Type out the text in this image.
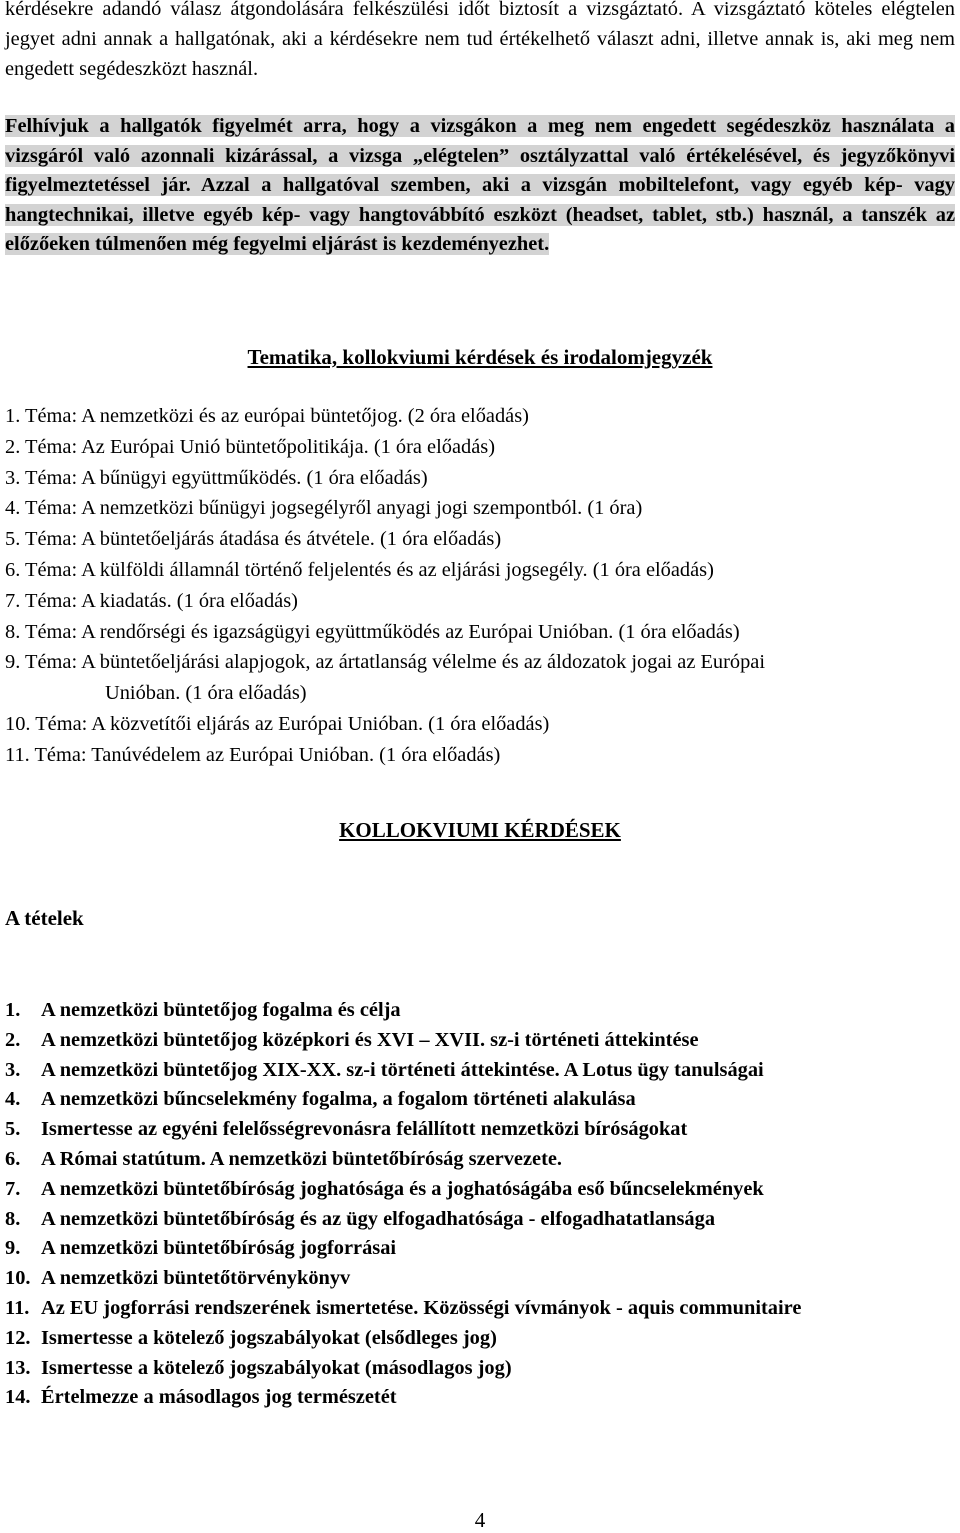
kérdésekre adandó válasz átgondolására felkészülési időt biztosít a vizsgáztató. A vizsgáztató köteles elégtelen jegyet adni annak a hallgatónak, aki a kérdésekre nem tud értékelhető választ adni, illetve annak is, aki meg nem engedett segédeszközt használ.

Felhívjuk a hallgatók figyelmét arra, hogy a vizsgákon a meg nem engedett segédeszköz használata a vizsgáról való azonnali kizárással, a vizsga „elégtelen” osztályzattal való értékelésével, és jegyzőkönyvi figyelmeztetéssel jár. Azzal a hallgatóval szemben, aki a vizsgán mobiltelefont, vagy egyéb kép- vagy hangtechnikai, illetve egyéb kép- vagy hangtovábbító eszközt (headset, tablet, stb.) használ, a tanszék az előzőeken túlmenően még fegyelmi eljárást is kezdeményezhet.

Tematika, kollokviumi kérdések és irodalomjegyzék

1. Téma: A nemzetközi és az európai büntetőjog. (2 óra előadás)
2. Téma: Az Európai Unió büntetőpolitikája. (1 óra előadás)
3. Téma: A bűnügyi együttműködés. (1 óra előadás)
4. Téma: A nemzetközi bűnügyi jogsegélyről anyagi jogi szempontból. (1 óra)
5. Téma: A büntetőeljárás átadása és átvétele. (1 óra előadás)
6. Téma: A külföldi államnál történő feljelentés és az eljárási jogsegély. (1 óra előadás)
7. Téma: A kiadatás. (1 óra előadás)
8. Téma: A rendőrségi és igazságügyi együttműködés az Európai Unióban. (1 óra előadás)
9. Téma: A büntetőeljárási alapjogok, az ártatlanság vélelme és az áldozatok jogai az Európai
Unióban. (1 óra előadás)
10. Téma: A közvetítői eljárás az Európai Unióban. (1 óra előadás)
11. Téma: Tanúvédelem az Európai Unióban. (1 óra előadás)

KOLLOKVIUMI KÉRDÉSEK

A tételek

1.	A nemzetközi büntetőjog fogalma és célja
2.	A nemzetközi büntetőjog középkori és XVI – XVII. sz-i történeti áttekintése
3.	A nemzetközi büntetőjog XIX-XX. sz-i történeti áttekintése. A Lotus ügy tanulságai
4.	A nemzetközi bűncselekmény fogalma, a fogalom történeti alakulása
5.	Ismertesse az egyéni felelősségrevonásra felállított nemzetközi bíróságokat
6.	A Római statútum. A nemzetközi büntetőbíróság szervezete.
7.	A nemzetközi büntetőbíróság joghatósága és a joghatóságába eső bűncselekmények
8.	A nemzetközi büntetőbíróság és az ügy elfogadhatósága - elfogadhatatlansága
9.	A nemzetközi büntetőbíróság jogforrásai
10. A nemzetközi büntetőtörvénykönyv
11. Az EU jogforrási rendszerének ismertetése. Közösségi vívmányok - aquis communitaire
12. Ismertesse a kötelező jogszabályokat (elsődleges jog)
13. Ismertesse a kötelező jogszabályokat (másodlagos jog)
14. Értelmezze a másodlagos jog természetét

4
